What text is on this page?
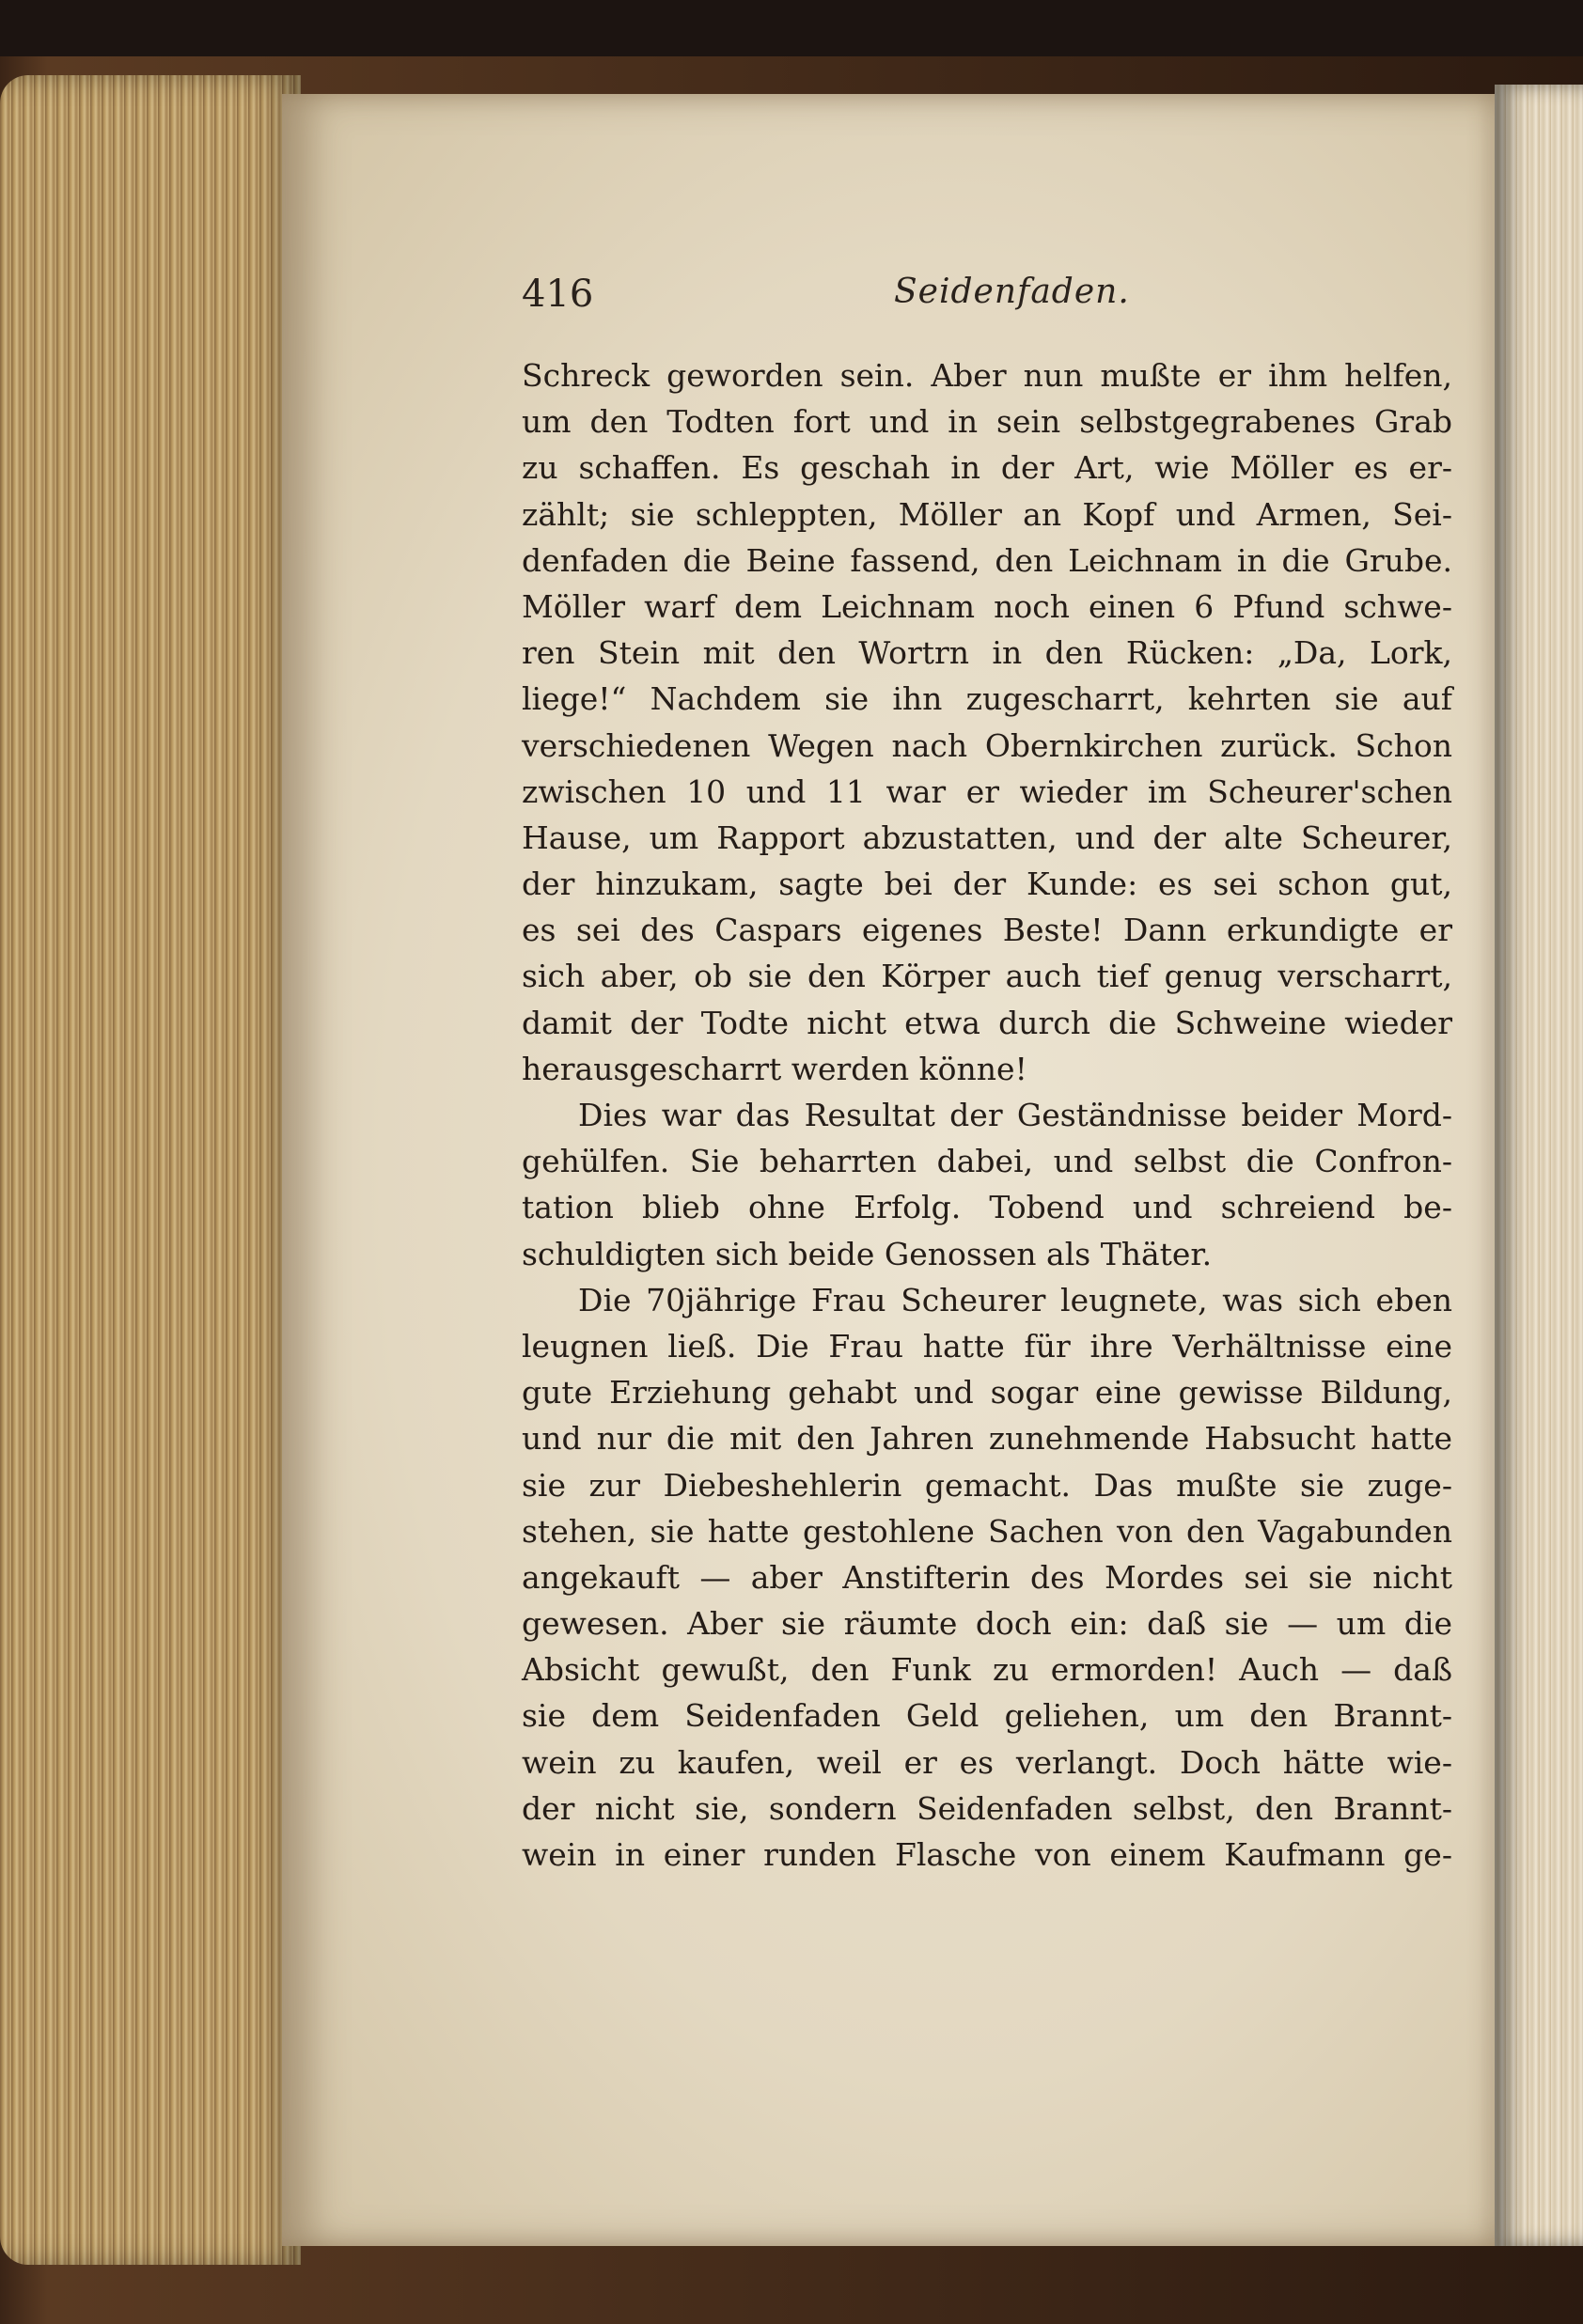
416	Seidenfaden.
Schreck geworden sein. Aber nun mußte er ihm helfen,
um den Todten fort und in sein selbstgegrabenes Grab
zu schaffen. Es geschah in der Art, wie Möller es er-
zählt; sie schleppten, Möller an Kopf und Armen, Sei-
denfaden die Beine fassend, den Leichnam in die Grube.
Möller warf dem Leichnam noch einen 6 Pfund schwe-
ren Stein mit den Wortrn in den Rücken: „Da, Lork,
liege!“ Nachdem sie ihn zugescharrt, kehrten sie auf
verschiedenen Wegen nach Obernkirchen zurück. Schon
zwischen 10 und 11 war er wieder im Scheurer'schen
Hause, um Rapport abzustatten, und der alte Scheurer,
der hinzukam, sagte bei der Kunde: es sei schon gut,
es sei des Caspars eigenes Beste! Dann erkundigte er
sich aber, ob sie den Körper auch tief genug verscharrt,
damit der Todte nicht etwa durch die Schweine wieder
herausgescharrt werden könne!
Dies war das Resultat der Geständnisse beider Mord-
gehülfen. Sie beharrten dabei, und selbst die Confron-
tation blieb ohne Erfolg. Tobend und schreiend be-
schuldigten sich beide Genossen als Thäter.
Die 70jährige Frau Scheurer leugnete, was sich eben
leugnen ließ. Die Frau hatte für ihre Verhältnisse eine
gute Erziehung gehabt und sogar eine gewisse Bildung,
und nur die mit den Jahren zunehmende Habsucht hatte
sie zur Diebeshehlerin gemacht. Das mußte sie zuge-
stehen, sie hatte gestohlene Sachen von den Vagabunden
angekauft — aber Anstifterin des Mordes sei sie nicht
gewesen. Aber sie räumte doch ein: daß sie — um die
Absicht gewußt, den Funk zu ermorden! Auch — daß
sie dem Seidenfaden Geld geliehen, um den Brannt-
wein zu kaufen, weil er es verlangt. Doch hätte wie-
der nicht sie, sondern Seidenfaden selbst, den Brannt-
wein in einer runden Flasche von einem Kaufmann ge-
